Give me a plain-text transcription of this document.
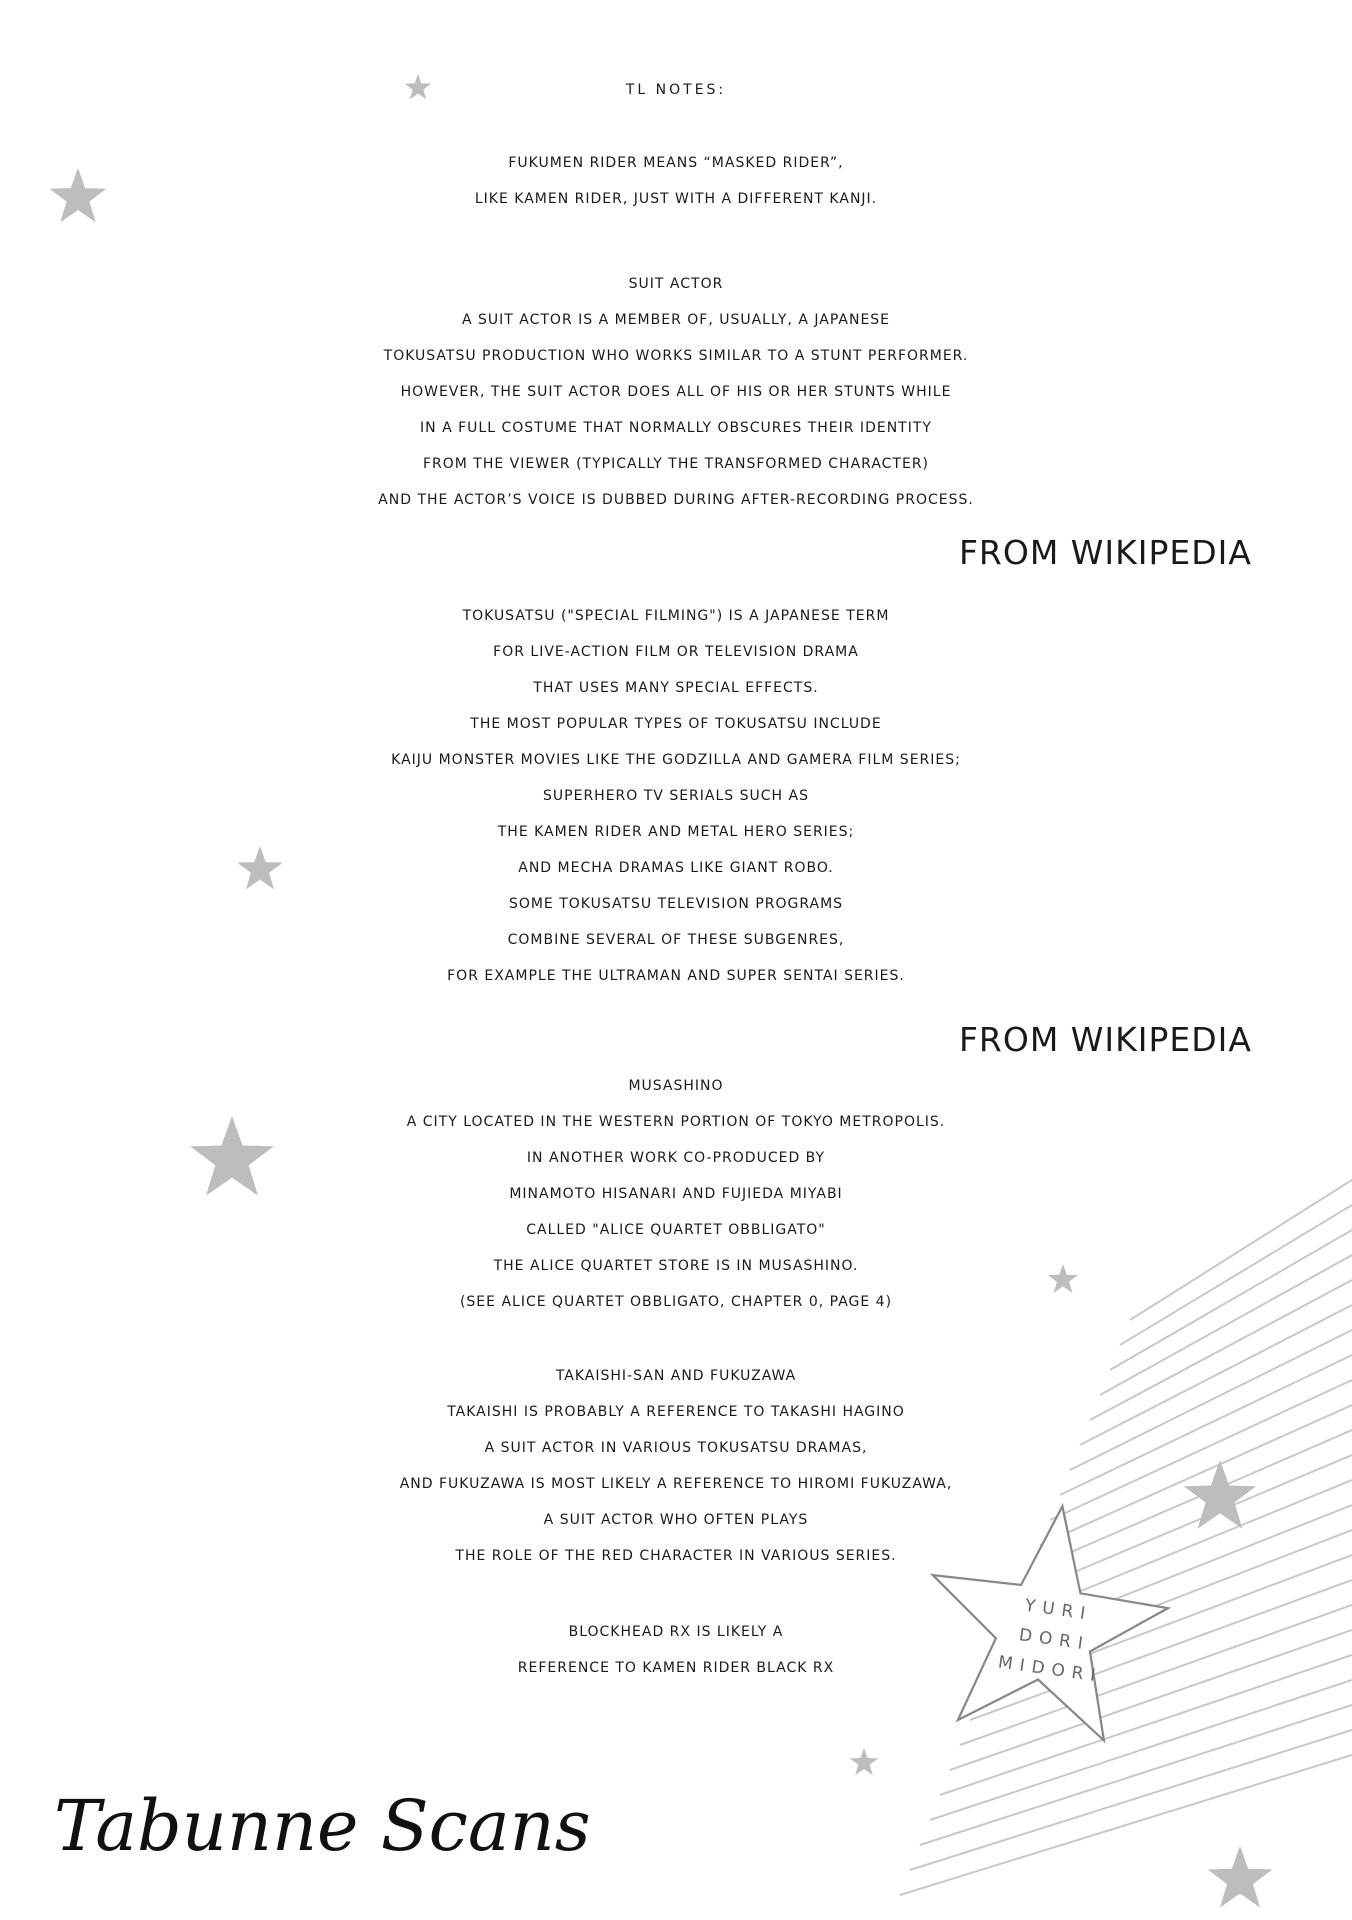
YURI
DORI
MIDORI
TL NOTES:
FUKUMEN RIDER MEANS “MASKED RIDER”,
LIKE KAMEN RIDER, JUST WITH A DIFFERENT KANJI.
SUIT ACTOR
A SUIT ACTOR IS A MEMBER OF, USUALLY, A JAPANESE
TOKUSATSU PRODUCTION WHO WORKS SIMILAR TO A STUNT PERFORMER.
HOWEVER, THE SUIT ACTOR DOES ALL OF HIS OR HER STUNTS WHILE
IN A FULL COSTUME THAT NORMALLY OBSCURES THEIR IDENTITY
FROM THE VIEWER (TYPICALLY THE TRANSFORMED CHARACTER)
AND THE ACTOR’S VOICE IS DUBBED DURING AFTER-RECORDING PROCESS.
FROM WIKIPEDIA
TOKUSATSU ("SPECIAL FILMING") IS A JAPANESE TERM
FOR LIVE-ACTION FILM OR TELEVISION DRAMA
THAT USES MANY SPECIAL EFFECTS.
THE MOST POPULAR TYPES OF TOKUSATSU INCLUDE
KAIJU MONSTER MOVIES LIKE THE GODZILLA AND GAMERA FILM SERIES;
SUPERHERO TV SERIALS SUCH AS
THE KAMEN RIDER AND METAL HERO SERIES;
AND MECHA DRAMAS LIKE GIANT ROBO.
SOME TOKUSATSU TELEVISION PROGRAMS
COMBINE SEVERAL OF THESE SUBGENRES,
FOR EXAMPLE THE ULTRAMAN AND SUPER SENTAI SERIES.
FROM WIKIPEDIA
MUSASHINO
A CITY LOCATED IN THE WESTERN PORTION OF TOKYO METROPOLIS.
IN ANOTHER WORK CO-PRODUCED BY
MINAMOTO HISANARI AND FUJIEDA MIYABI
CALLED "ALICE QUARTET OBBLIGATO"
THE ALICE QUARTET STORE IS IN MUSASHINO.
(SEE ALICE QUARTET OBBLIGATO, CHAPTER 0, PAGE 4)
TAKAISHI-SAN AND FUKUZAWA
TAKAISHI IS PROBABLY A REFERENCE TO TAKASHI HAGINO
A SUIT ACTOR IN VARIOUS TOKUSATSU DRAMAS,
AND FUKUZAWA IS MOST LIKELY A REFERENCE TO HIROMI FUKUZAWA,
A SUIT ACTOR WHO OFTEN PLAYS
THE ROLE OF THE RED CHARACTER IN VARIOUS SERIES.
BLOCKHEAD RX IS LIKELY A
REFERENCE TO KAMEN RIDER BLACK RX
Tabunne Scans
